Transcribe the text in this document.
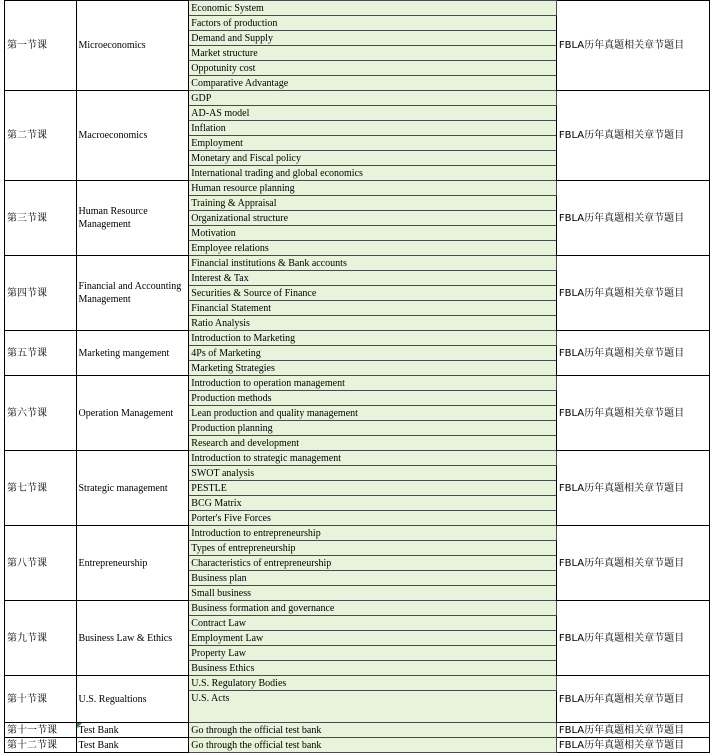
第一节课	Microeconomics	Economic System	FBLA历年真题相关章节题目
		Factors of production	
		Demand and Supply	
		Market structure	
		Oppotunity cost	
		Comparative Advantage	
第二节课	Macroeconomics	GDP	FBLA历年真题相关章节题目
		AD-AS model	
		Inflation	
		Employment	
		Monetary and Fiscal policy	
		International trading and global economics	
第三节课	Human Resource Management	Human resource planning	FBLA历年真题相关章节题目
		Training & Appraisal	
		Organizational structure	
		Motivation	
		Employee relations	
第四节课	Financial and Accounting Management	Financial institutions & Bank accounts	FBLA历年真题相关章节题目
		Interest & Tax	
		Securities & Source of Finance	
		Financial Statement	
		Ratio Analysis	
第五节课	Marketing mangement	Introduction to Marketing	FBLA历年真题相关章节题目
		4Ps of Marketing	
		Marketing Strategies	
第六节课	Operation Management	Introduction to operation management	FBLA历年真题相关章节题目
		Production methods	
		Lean production and quality management	
		Production planning	
		Research and development	
第七节课	Strategic management	Introduction to strategic management	FBLA历年真题相关章节题目
		SWOT analysis	
		PESTLE	
		BCG Matrix	
		Porter's Five Forces	
第八节课	Entrepreneurship	Introduction to entrepreneurship	FBLA历年真题相关章节题目
		Types of entrepreneurship	
		Characteristics of entrepreneurship	
		Business plan	
		Small business	
第九节课	Business Law & Ethics	Business formation and governance	FBLA历年真题相关章节题目
		Contract Law	
		Employment Law	
		Property Law	
		Business Ethics	
第十节课	U.S. Regualtions	U.S. Regulatory Bodies	FBLA历年真题相关章节题目
		U.S. Acts	
第十一节课	Test Bank	Go through the official test bank	FBLA历年真题相关章节题目
第十二节课	Test Bank	Go through the official test bank	FBLA历年真题相关章节题目
